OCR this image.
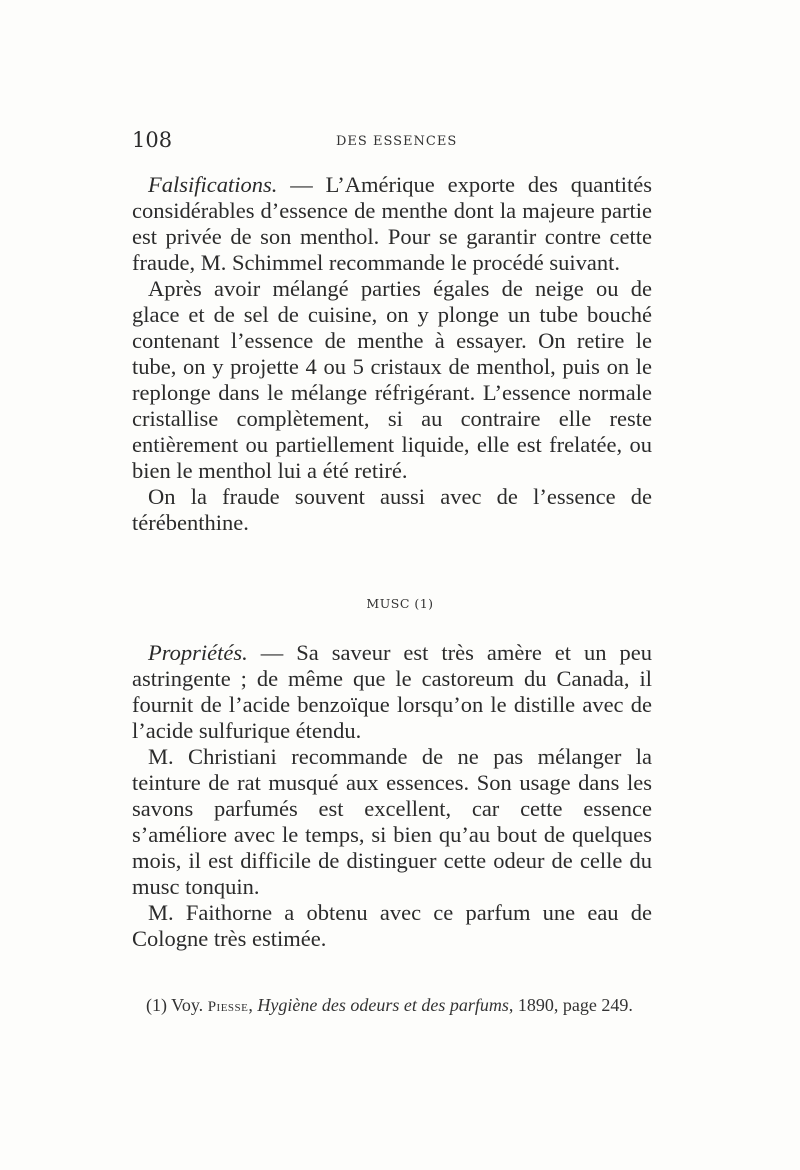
108	DES ESSENCES

Falsifications. — L’Amérique exporte des quantités considérables d’essence de menthe dont la majeure partie est privée de son menthol. Pour se garantir contre cette fraude, M. Schimmel recommande le procédé suivant.

Après avoir mélangé parties égales de neige ou de glace et de sel de cuisine, on y plonge un tube bouché contenant l’essence de menthe à essayer. On retire le tube, on y projette 4 ou 5 cristaux de menthol, puis on le replonge dans le mélange réfrigérant. L’essence normale cristallise complètement, si au contraire elle reste entièrement ou partiellement liquide, elle est frelatée, ou bien le menthol lui a été retiré.

On la fraude souvent aussi avec de l’essence de térébenthine.

MUSC (1)

Propriétés. — Sa saveur est très amère et un peu astringente ; de même que le castoreum du Canada, il fournit de l’acide benzoïque lorsqu’on le distille avec de l’acide sulfurique étendu.

M. Christiani recommande de ne pas mélanger la teinture de rat musqué aux essences. Son usage dans les savons parfumés est excellent, car cette essence s’améliore avec le temps, si bien qu’au bout de quelques mois, il est difficile de distinguer cette odeur de celle du musc tonquin.

M. Faithorne a obtenu avec ce parfum une eau de Cologne très estimée.

(1) Voy. Piesse, Hygiène des odeurs et des parfums, 1890, page 249.
